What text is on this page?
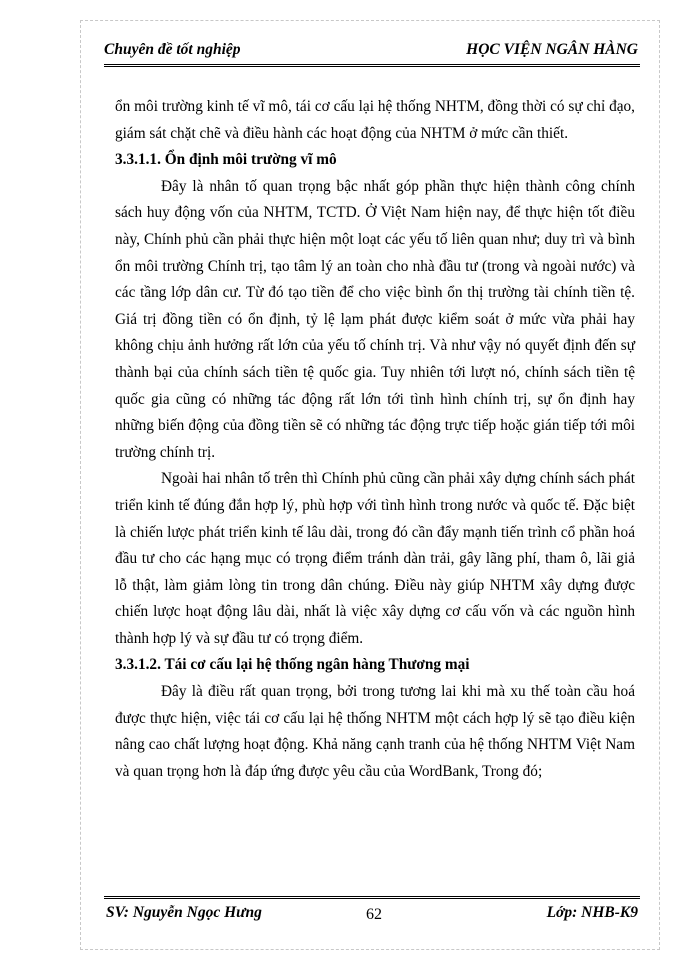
Chuyên đề tốt nghiệp	HỌC VIỆN NGÂN HÀNG

ổn môi trường kinh tế vĩ mô, tái cơ cấu lại hệ thống NHTM, đồng thời có sự chỉ đạo, giám sát chặt chẽ và điều hành các hoạt động của NHTM ở mức cần thiết.

3.3.1.1. Ổn định môi trường vĩ mô

Đây là nhân tố quan trọng bậc nhất góp phần thực hiện thành công chính sách huy động vốn của NHTM, TCTD. Ở Việt Nam hiện nay, để thực hiện tốt điều này, Chính phủ cần phải thực hiện một loạt các yếu tố liên quan như; duy trì và bình ổn môi trường Chính trị, tạo tâm lý an toàn cho nhà đầu tư (trong và ngoài nước) và các tầng lớp dân cư. Từ đó tạo tiền để cho việc bình ổn thị trường tài chính tiền tệ. Giá trị đồng tiền có ổn định, tỷ lệ lạm phát được kiểm soát ở mức vừa phải hay không chịu ảnh hưởng rất lớn của yếu tố chính trị. Và như vậy nó quyết định đến sự thành bại của chính sách tiền tệ quốc gia. Tuy nhiên tới lượt nó, chính sách tiền tệ quốc gia cũng có những tác động rất lớn tới tình hình chính trị, sự ổn định hay những biến động của đồng tiền sẽ có những tác động trực tiếp hoặc gián tiếp tới môi trường chính trị.

Ngoài hai nhân tố trên thì Chính phủ cũng cần phải xây dựng chính sách phát triển kinh tế đúng đắn hợp lý, phù hợp với tình hình trong nước và quốc tế. Đặc biệt là chiến lược phát triển kinh tế lâu dài, trong đó cần đẩy mạnh tiến trình cổ phần hoá đầu tư cho các hạng mục có trọng điểm tránh dàn trải, gây lãng phí, tham ô, lãi giả lỗ thật, làm giảm lòng tin trong dân chúng. Điều này giúp NHTM xây dựng được chiến lược hoạt động lâu dài, nhất là việc xây dựng cơ cấu vốn và các nguồn hình thành hợp lý và sự đầu tư có trọng điểm.

3.3.1.2. Tái cơ cấu lại hệ thống ngân hàng Thương mại

Đây là điều rất quan trọng, bởi trong tương lai khi mà xu thế toàn cầu hoá được thực hiện, việc tái cơ cấu lại hệ thống NHTM một cách hợp lý sẽ tạo điều kiện nâng cao chất lượng hoạt động. Khả năng cạnh tranh của hệ thống NHTM Việt Nam và quan trọng hơn là đáp ứng được yêu cầu của WordBank, Trong đó;

SV: Nguyễn Ngọc Hưng	62	Lớp: NHB-K9
